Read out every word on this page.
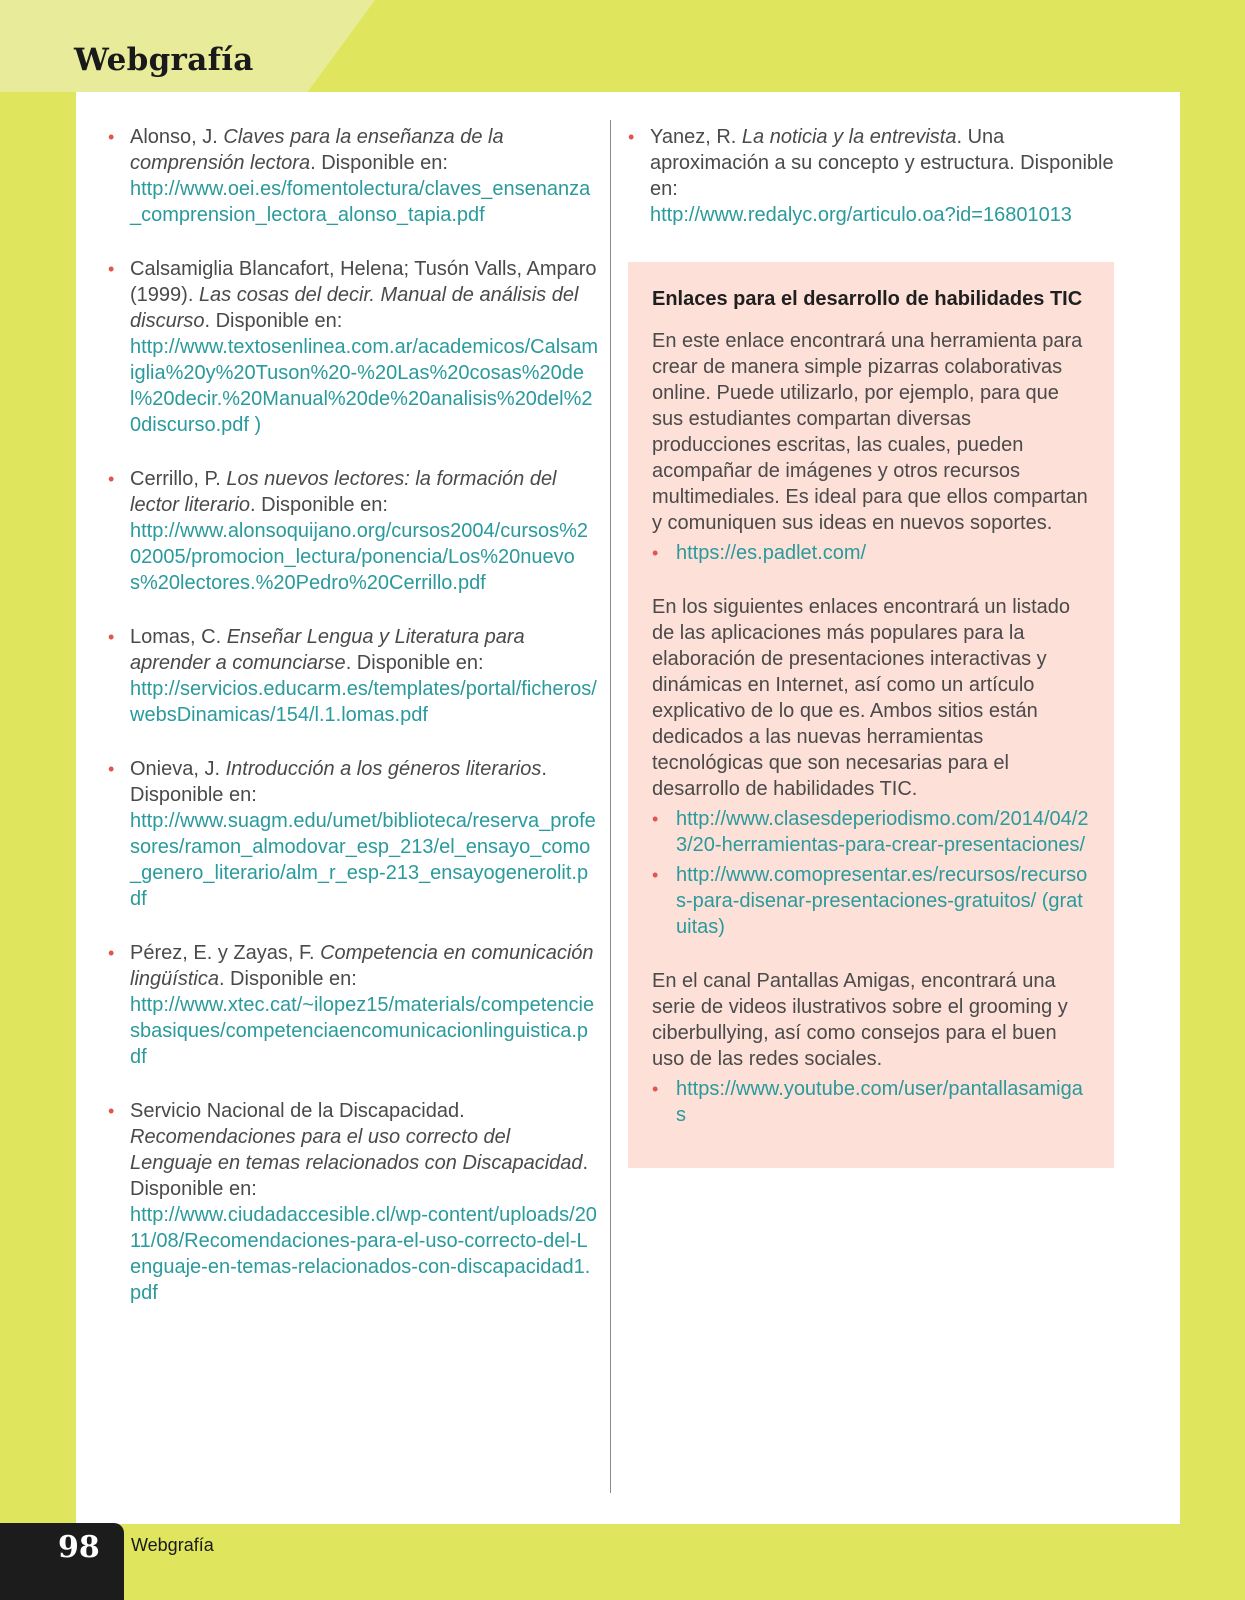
Webgrafía
• Alonso, J. Claves para la enseñanza de la comprensión lectora. Disponible en:
http://www.oei.es/fomentolectura/claves_ensenanza_comprension_lectora_alonso_tapia.pdf
• Calsamiglia Blancafort, Helena; Tusón Valls, Amparo (1999). Las cosas del decir. Manual de análisis del discurso. Disponible en:
http://www.textosenlinea.com.ar/academicos/Calsamiglia%20y%20Tuson%20-%20Las%20cosas%20del%20decir.%20Manual%20de%20analisis%20del%20discurso.pdf )
• Cerrillo, P. Los nuevos lectores: la formación del lector literario. Disponible en:
http://www.alonsoquijano.org/cursos2004/cursos%202005/promocion_lectura/ponencia/Los%20nuevos%20lectores.%20Pedro%20Cerrillo.pdf
• Lomas, C. Enseñar Lengua y Literatura para aprender a comunciarse. Disponible en:
http://servicios.educarm.es/templates/portal/ficheros/websDinamicas/154/l.1.lomas.pdf
• Onieva, J. Introducción a los géneros literarios. Disponible en:
http://www.suagm.edu/umet/biblioteca/reserva_profesores/ramon_almodovar_esp_213/el_ensayo_como_genero_literario/alm_r_esp-213_ensayogenerolit.pdf
• Pérez, E. y Zayas, F. Competencia en comunicación lingüística. Disponible en:
http://www.xtec.cat/~ilopez15/materials/competenciesbasiques/competenciaencomunicacionlinguistica.pdf
• Servicio Nacional de la Discapacidad. Recomendaciones para el uso correcto del Lenguaje en temas relacionados con Discapacidad. Disponible en:
http://www.ciudadaccesible.cl/wp-content/uploads/2011/08/Recomendaciones-para-el-uso-correcto-del-Lenguaje-en-temas-relacionados-con-discapacidad1.pdf
• Yanez, R. La noticia y la entrevista. Una aproximación a su concepto y estructura. Disponible en:
http://www.redalyc.org/articulo.oa?id=16801013

Enlaces para el desarrollo de habilidades TIC

En este enlace encontrará una herramienta para crear de manera simple pizarras colaborativas online. Puede utilizarlo, por ejemplo, para que sus estudiantes compartan diversas producciones escritas, las cuales, pueden acompañar de imágenes y otros recursos multimediales. Es ideal para que ellos compartan y comuniquen sus ideas en nuevos soportes.

• https://es.padlet.com/

En los siguientes enlaces encontrará un listado de las aplicaciones más populares para la elaboración de presentaciones interactivas y dinámicas en Internet, así como un artículo explicativo de lo que es. Ambos sitios están dedicados a las nuevas herramientas tecnológicas que son necesarias para el desarrollo de habilidades TIC.

• http://www.clasesdeperiodismo.com/2014/04/23/20-herramientas-para-crear-presentaciones/
• http://www.comopresentar.es/recursos/recursos-para-disenar-presentaciones-gratuitos/ (gratuitas)

En el canal Pantallas Amigas, encontrará una serie de videos ilustrativos sobre el grooming y ciberbullying, así como consejos para el buen uso de las redes sociales.

• https://www.youtube.com/user/pantallasamigas
98 Webgrafía
